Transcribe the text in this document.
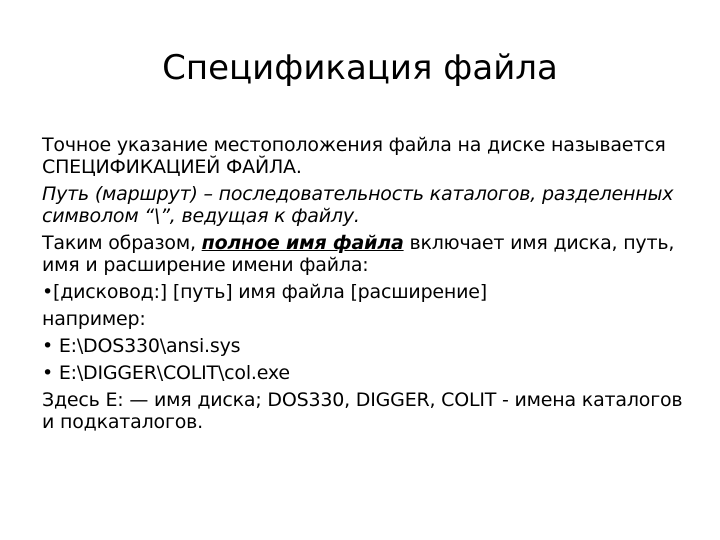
Спецификация файла

Точное указание местоположения файла на диске называется СПЕЦИФИКАЦИЕЙ ФАЙЛА.

Путь (маршрут) – последовательность каталогов, разделенных символом “\”, ведущая к файлу.

Таким образом, полное имя файла включает имя диска, путь, имя и расширение имени файла:

•[дисковод:] [путь] имя файла [расширение]

например:

• E:\DOS330\ansi.sys

• E:\DIGGER\COLIT\col.exe

Здесь Е: — имя диска; DOS330, DIGGER, COLIT - имена каталогов и подкаталогов.
